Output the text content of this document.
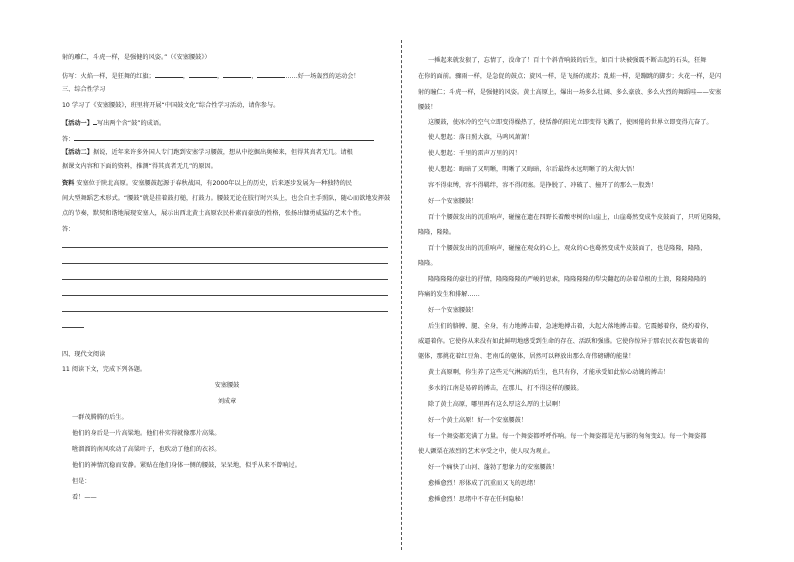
射的雕仁，斗虎一样，是强健的风姿。”（《安塞腰鼓》）
仿写：火焰一样，是狂舞的红旗；	，	，	，	……好一场轰烈的运动会！
三、综合性学习
10 学习了《安塞腰鼓》，班里将开展“中国鼓文化”综合性学习活动，请你参与。
【活动一】 写出两个含“鼓”的成语。
答：
【活动二】据说，近年来许多外国人专门跑到安塞学习腰鼓，想从中挖掘出奥秘来，但得其真者无几。请根
据课文内容和下面的资料，推测“得其真者无几”的原因。
资料 安塞位于陕北高原。安塞腰鼓起源于春秋战国，有2000年以上的历史，后来逐步发展为一种独特的民
间大型舞蹈艺术形式。“腰鼓”就是挂着鼓打槌，打鼓力。腰鼓无论在肢行时兴头上，也会自主手照队，随心而欲地发挥鼓
点的节奏，默契和谐地展现安塞人，展示出西北黄土高原农民朴素而豪放的性格，张扬出慷勇威猛的艺术个性。
答：
四、现代文阅读
11 阅读下文，完成下列各题。
安塞腰鼓
刘成章
一群茂腾腾的后生。
他们的身后是一片高粱地。他们朴实得就像那片高粱。
咝溜溜的南风吹动了高粱叶子，也吹动了他们的衣衫。
他们的神情沉稳而安静。紧贴在他们身体一侧的腰鼓，呆呆地，似乎从来不曾响过。
但是：
看！——
一捶起来就发狠了，忘情了，没命了！百十个斜背响鼓的后生，如百十块被强震不断击起的石头，狂舞
在你的面前。骤雨一样，是急促的鼓点；旋风一样，是飞扬的流苏；乱蛙一样，是蹦跳的脚步；火花一样，是闪
射的瞳仁；斗虎一样，是强健的风姿。黄土高原上，爆出一场多么壮阔、多么豪放、多么火烈的舞蹈哇——安塞
腰鼓！
这腰鼓，使冰冷的空气立即变得燥热了，使恬静的阳光立即变得飞溅了，使困倦的世界立即变得亢奋了。
使人想起：落日照大旗，马鸣风萧萧！
使人想起：千里的雷声万里的闪！
使人想起：晦暗了又明晰，明晰了又晦暗，尔后最终永远明晰了的大彻大悟！
容不得束缚，容不得羁绊，容不得闭塞。是挣脱了、冲破了、撞开了的那么一股劲！
好一个安塞腰鼓！
百十个腰鼓发出的沉重响声，碰撞在遗在四野长着酸枣树的山崖上，山崖蓦然变成牛皮鼓面了，只听见隆隆，
隆隆，隆隆。
百十个腰鼓发出的沉重响声，碰撞在观众的心上，观众的心也蓦然变成牛皮鼓面了，也是隆隆，隆隆，
隆隆。
隆隆隆隆的豪壮的抒情，隆隆隆隆的严峻的思索，隆隆隆隆的犁尖翻起的杂着草根的土浪，隆隆隆隆的
阵痛的发生和排解……
好一个安塞腰鼓！
后生们的胳膊、腿、全身，有力地搏击着，急速地搏击着，大起大落地搏击着。它震撼着你，烧灼着你，
威逼着你。它使你从来没有如此鲜明地感受到生命的存在、活跃和强盛。它使你惊异于那农民衣着包裹着的
躯体，那挑花着红豆角、老南瓜的躯体，居然可以释放出那么奇伟磅礴的能量！
黄土高原啊，你生养了这些元气淋漓的后生，也只有你，才能承受如此惊心动魄的搏击！
多水的江南是易碎的搏击，在那儿，打不得这样的腰鼓。
除了黄土高原，哪里再有这么厚这么厚的土层啊！
好一个黄土高原！好一个安塞腰鼓！
每一个舞姿都充满了力量。每一个舞姿都呼呼作响。每一个舞姿都是光与影的匆匆变幻。每一个舞姿都
使人颤栗在浓烈的艺术享受之中，使人叹为观止。
好一个痛快了山河、蓬勃了想象力的安塞腰鼓！
愈捶愈烈！形体成了沉重而又飞的思绪！
愈捶愈烈！思绪中不存在任何隐秘！
